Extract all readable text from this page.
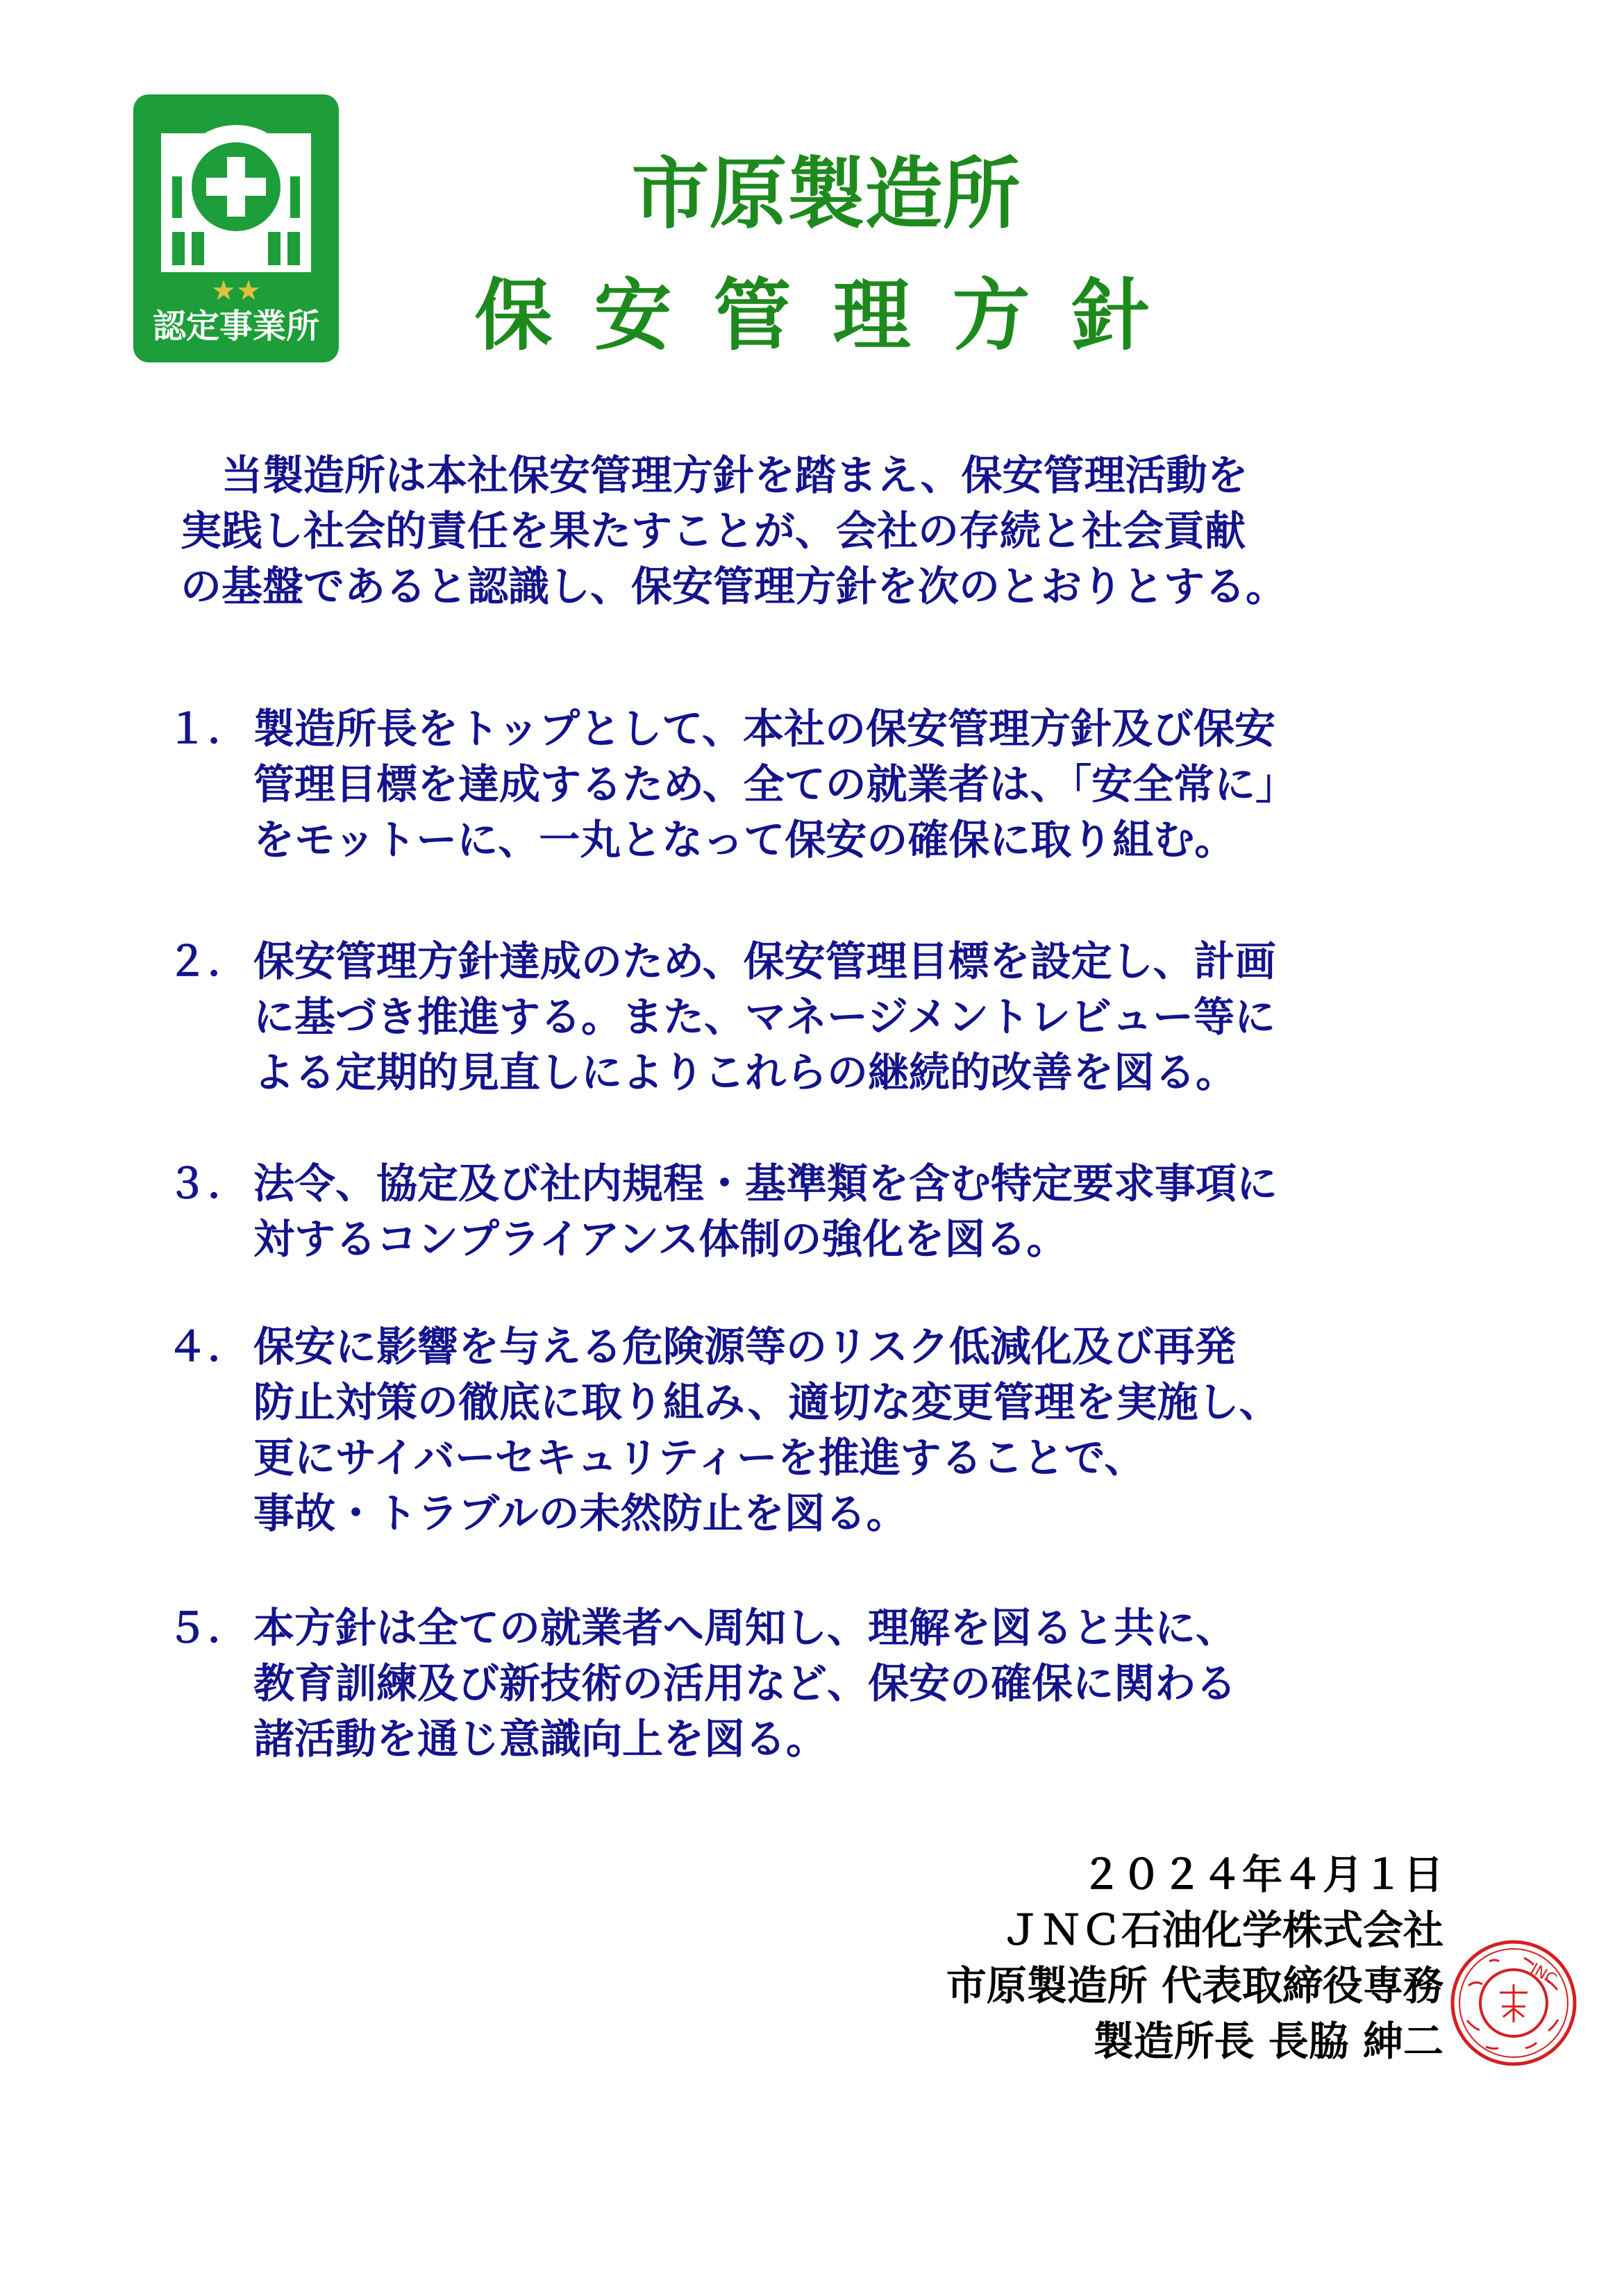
★★
認定事業所
市原製造所
保安管理方針
　当製造所は本社保安管理方針を踏まえ、保安管理活動を
実践し社会的責任を果たすことが、会社の存続と社会貢献
の基盤であると認識し、保安管理方針を次のとおりとする。
１． 製造所長をトップとして、本社の保安管理方針及び保安
管理目標を達成するため、全ての就業者は、「安全常に」
をモットーに、一丸となって保安の確保に取り組む。
２． 保安管理方針達成のため、保安管理目標を設定し、計画
に基づき推進する。また、マネージメントレビュー等に
よる定期的見直しによりこれらの継続的改善を図る。
３． 法令、協定及び社内規程・基準類を含む特定要求事項に
対するコンプライアンス体制の強化を図る。
４． 保安に影響を与える危険源等のリスク低減化及び再発
防止対策の徹底に取り組み、適切な変更管理を実施し、
更にサイバーセキュリティーを推進することで、
事故・トラブルの未然防止を図る。
５． 本方針は全ての就業者へ周知し、理解を図ると共に、
教育訓練及び新技術の活用など、保安の確保に関わる
諸活動を通じ意識向上を図る。
２０２４年４月１日
ＪＮＣ石油化学株式会社
市原製造所 代表取締役専務
製造所長 長脇 紳二
JNC
